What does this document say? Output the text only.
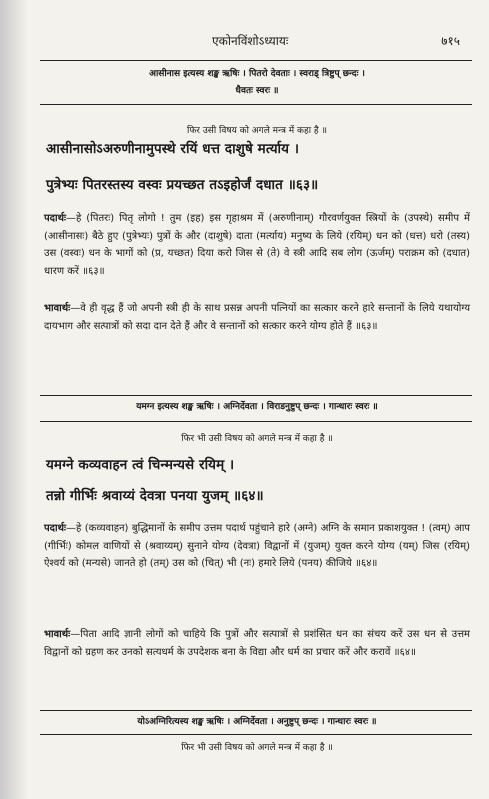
एकोनविंशोऽध्यायः	७१५
आसीनास इत्यस्य शङ्ख ऋषिः । पितरो देवताः । स्वराड् त्रिष्टुप् छन्दः ।
धैवतः स्वरः ॥
फिर उसी विषय को अगले मन्त्र में कहा है ॥
आसीनासोऽअरुणीनामुपस्थे रयिं धत्त दाशुषे मर्त्याय ।
पुत्रेभ्यः पितरस्तस्य वस्वः प्रयच्छत तऽइहोर्जं दधात ॥६३॥

पदार्थः—हे (पितरः) पितृ लोगो ! तुम (इह) इस गृहाश्रम में (अरुणीनाम्) गौरवर्णयुक्त स्त्रियों के (उपस्थे) समीप में (आसीनासः) बैठे हुए (पुत्रेभ्यः) पुत्रों के और (दाशुषे) दाता (मर्त्याय) मनुष्य के लिये (रयिम्) धन को (धत्त) धरो (तस्य) उस (वस्वः) धन के भागों को (प्र, यच्छत) दिया करो जिस से (ते) वे स्त्री आदि सब लोग (ऊर्जम्) पराक्रम को (दधात) धारण करें ॥६३॥

भावार्थः—वे ही वृद्ध हैं जो अपनी स्त्री ही के साथ प्रसन्न अपनी पत्नियों का सत्कार करने हारे सन्तानों के लिये यथायोग्य दायभाग और सत्पात्रों को सदा दान देते हैं और वे सन्तानों को सत्कार करने योग्य होते हैं ॥६३॥

यमग्न इत्यस्य शङ्ख ऋषिः । अग्निर्देवता । विराडनुष्टुप् छन्दः । गान्धारः स्वरः ॥
फिर भी उसी विषय को अगले मन्त्र में कहा है ॥
यमग्ने कव्यवाहन त्वं चिन्मन्यसे रयिम् ।
तन्नो गीर्भिः श्रवाय्यं देवत्रा पनया युजम् ॥६४॥

पदार्थः—हे (कव्यवाहन) बुद्धिमानों के समीप उत्तम पदार्थ पहुंचाने हारे (अग्ने) अग्नि के समान प्रकाशयुक्त ! (त्वम्) आप (गीर्भिः) कोमल वाणियों से (श्रवाय्यम्) सुनाने योग्य (देवत्रा) विद्वानों में (युजम्) युक्त करने योग्य (यम्) जिस (रयिम्) ऐश्वर्य को (मन्यसे) जानते हो (तम्) उस को (चित्) भी (नः) हमारे लिये (पनय) कीजिये ॥६४॥

भावार्थः—पिता आदि ज्ञानी लोगों को चाहिये कि पुत्रों और सत्पात्रों से प्रशंसित धन का संचय करें उस धन से उत्तम विद्वानों को ग्रहण कर उनको सत्यधर्म के उपदेशक बना के विद्या और धर्म का प्रचार करें और करावें ॥६४॥

योऽअग्निरित्यस्य शङ्ख ऋषिः । अग्निर्देवता । अनुष्टुप् छन्दः । गान्धारः स्वरः ॥
फिर भी उसी विषय को अगले मन्त्र में कहा है ॥
